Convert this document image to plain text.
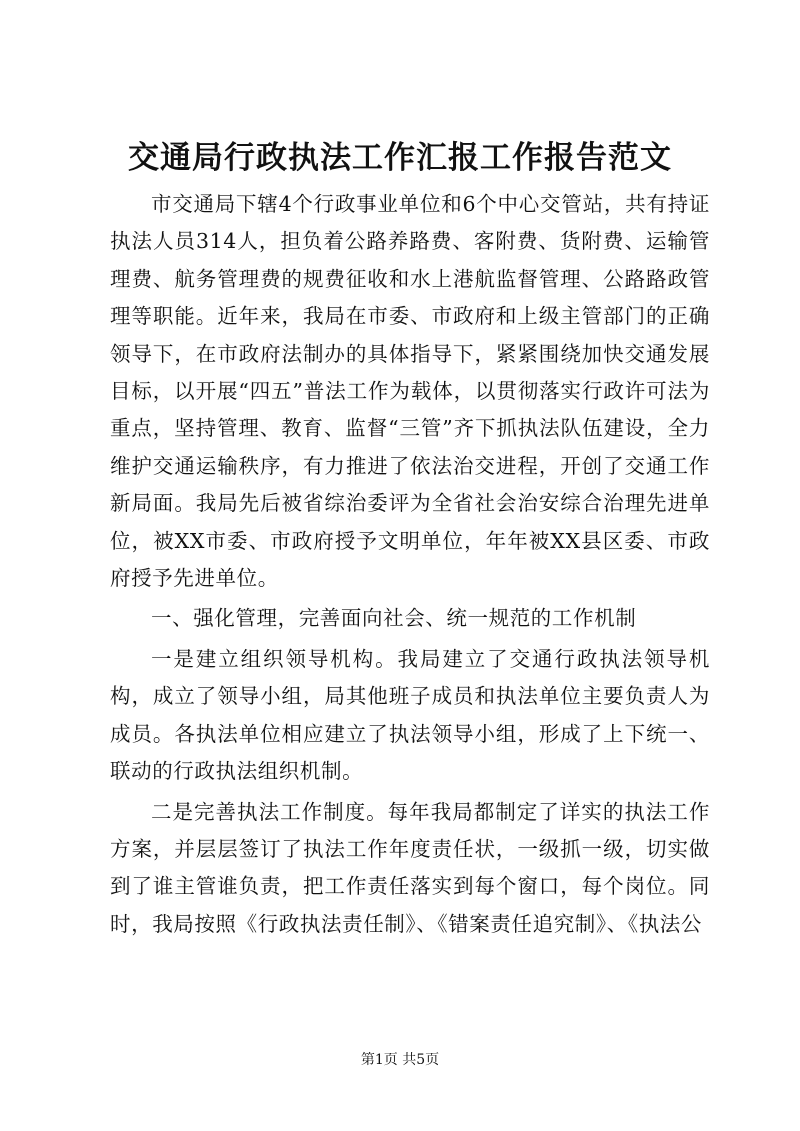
交通局行政执法工作汇报工作报告范文

市交通局下辖4个行政事业单位和6个中心交管站，共有持证执法人员314人，担负着公路养路费、客附费、货附费、运输管理费、航务管理费的规费征收和水上港航监督管理、公路路政管理等职能。近年来，我局在市委、市政府和上级主管部门的正确领导下，在市政府法制办的具体指导下，紧紧围绕加快交通发展目标，以开展“四五”普法工作为载体，以贯彻落实行政许可法为重点，坚持管理、教育、监督“三管”齐下抓执法队伍建设，全力维护交通运输秩序，有力推进了依法治交进程，开创了交通工作新局面。我局先后被省综治委评为全省社会治安综合治理先进单位，被XX市委、市政府授予文明单位，年年被XX县区委、市政府授予先进单位。

一、强化管理，完善面向社会、统一规范的工作机制

一是建立组织领导机构。我局建立了交通行政执法领导机构，成立了领导小组，局其他班子成员和执法单位主要负责人为成员。各执法单位相应建立了执法领导小组，形成了上下统一、联动的行政执法组织机制。

二是完善执法工作制度。每年我局都制定了详实的执法工作方案，并层层签订了执法工作年度责任状，一级抓一级，切实做到了谁主管谁负责，把工作责任落实到每个窗口，每个岗位。同时，我局按照《行政执法责任制》、《错案责任追究制》、《执法公

第1页 共5页
